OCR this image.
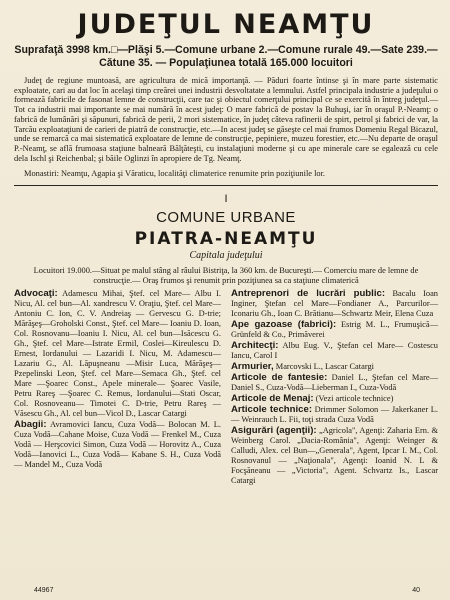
JUDEŢUL NEAMŢU
Suprafaţă 3998 km.□—Plăşi 5.—Comune urbane 2.—Comune rurale 49.—Sate 239.—
Cătune 35. — Populaţiunea totală 165.000 locuitori
Judeţ de regiune muntoasă, are agricultura de mică importanţă. — Păduri foarte întinse şi în mare parte sistematic exploatate, cari au dat loc în acelaşi timp creărei unei industrii desvoltatate a lemnului. Astfel principala industrie a judeţului o formează fabricile de fasonat lemne de construcţii, care tac şi obiectul comerţului principal ce se exercită în întreg judeţul.—Tot ca industrii mai importante se mai numără în acest judeţ: O mare fabrică de postav la Buhuşi, iar în oraşul P.-Neamţ: o fabrică de lumânări şi săpunuri, fabrică de perii, 2 mori sistematice, în judeţ câteva rafinerii de spirt, petrol şi fabrici de var, la Tarcău exploataţiuni de carieri de piatră de construcţie, etc.—In acest judeţ se găseşte cel mai frumos Domeniu Regal Bicazul, unde se remarcă ca mai sistematică exploatare de lemne de construcţie, pepiniere, muzeu forestier, etc.—Nu departe de oraşul P.-Neamţ, se află frumoasa staţiune balneară Bălţăteşti, cu instalaţiuni moderne şi cu ape minerale care se egalează cu cele dela Ischl şi Reichenbal; şi băile Oglinzi în apropiere de Tg. Neamţ.
Monastiri: Neamţu, Agapia şi Văraticu, localităţi climaterice renumite prin poziţiunile lor.
I
COMUNE URBANE
PIATRA-NEAMŢU
Capitala judeţului
Locuitori 19.000.—Situat pe malul stâng al râului Bistriţa, la 360 km. de Bucureşti.— Comerciu mare de lemne de construcţie.— Oraş frumos şi renumit prin poziţiunea sa ca staţiune climaterică
Advocaţi: Adamescu Mihai, Ştef. cel Mare— Albu I. Nicu, Al. cel bun—Al. xandrescu V. Oraţiu, Ştef. cel Mare—Antoniu C. Ion, C. V. Andreiaş — Gervescu G. D-trie; Mărăşeş—Groholski Const., Ştef. cel Mare— Ioaniu D. Ioan, Col. Rosnovanu—Ioaniu I. Nicu, Al. cel bun—Isăcescu G. Gh., Ştef. cel Mare—Istrate Ermil, Coslei—Kireulescu D. Ernest, Iordanului — Lazaridi I. Nicu, M. Adamescu—Lazariu G., Al. Lăpuşneanu —Misir Luca, Mărăşeş—Pzepelinski Leon, Ştef. cel Mare—Semaca Gh., Ştef. cel Mare —Şoarec Const., Apele minerale— Şoarec Vasile, Petru Rareş —Şoarec C. Remus, Iordanului—Stati Oscar, Col. Rosnoveanu— Timotei C. D-trie, Petru Rareş —Văsescu Gh., Al. cel bun—Vicol D., Lascar Catargi
Abagii: Avramovici Iancu, Cuza Vodă— Bolocan M. L. Cuza Vodă—Cahane Moise, Cuza Vodă — Frenkel M., Cuza Vodă — Herşcovici Simon, Cuza Vodă — Horovitz A., Cuza Vodă—Ianovici L., Cuza Vodă— Kabane S. H., Cuza Vodă — Mandel M., Cuza Vodă
Antreprenori de lucrări public: Bacalu Ioan Inginer, Ştefan cel Mare—Fondianer A., Parcurilor—Iconariu Gh., Ioan C. Brătianu—Schwartz Meir, Elena Cuza
Ape gazoase (fabrici): Estrig M. L., Frumuşică—Grünfeld & Co., Primăverei
Architecţi: Albu Eug. V., Ştefan cel Mare— Costescu Iancu, Carol I
Armurier, Marcovski L., Lascar Catargi
Articole de fantesie: Daniel L., Ştefan cel Mare—Daniel S., Cuza-Vodă—Lieberman I., Cuza-Vodă
Articole de Menaj: (Vezi articole technice)
Articole technice: Drimmer Solomon — Jakerkaner L. — Weinrauch L. Fii, toţi strada Cuza Vodă
Asigurări (agenţii): „Agricola", Agenţi: Zaharia Ern. & Weinberg Carol. „Dacia-România", Agenţi: Weinger & Calludi, Alex. cel Bun—„Generala", Agent, Ipcar I. M., Col. Rosnovanul — „Naţionala", Agenţi: Ioanid N. L & Focşăneanu — „Victoria", Agent. Schvartz Is., Lascar Catargi
44967	40
